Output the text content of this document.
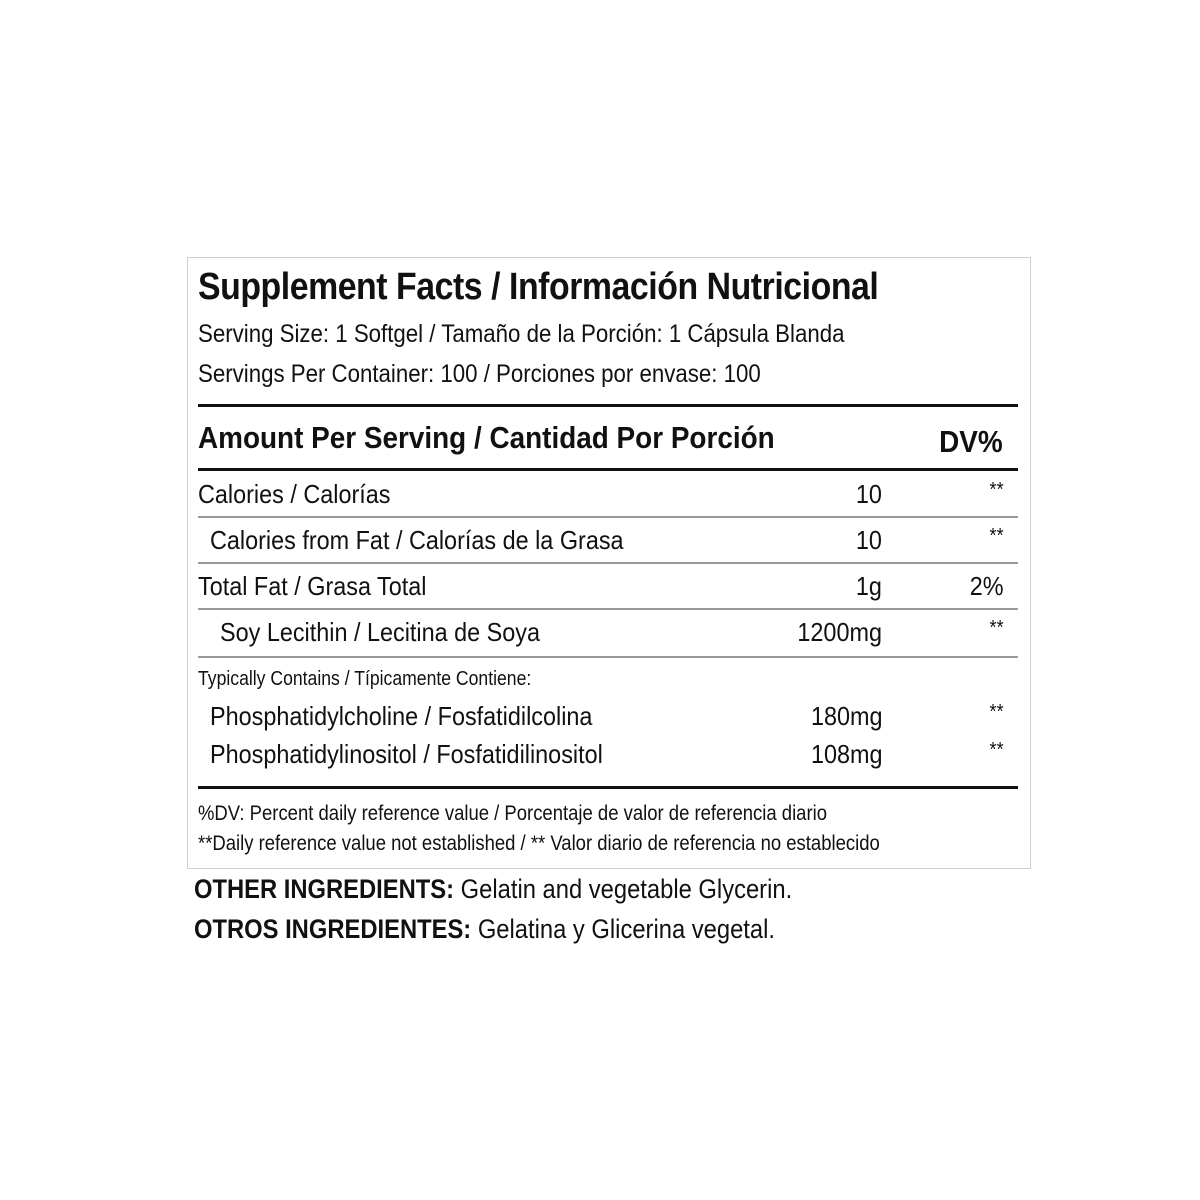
Supplement Facts / Información Nutricional
Serving Size: 1 Softgel / Tamaño de la Porción: 1 Cápsula Blanda
Servings Per Container: 100 / Porciones por envase: 100
Amount Per Serving / Cantidad Por Porción	DV%
Calories / Calorías	10	**
Calories from Fat / Calorías de la Grasa	10	**
Total Fat / Grasa Total	1g	2%
Soy Lecithin / Lecitina de Soya	1200mg	**
Typically Contains / Típicamente Contiene:
Phosphatidylcholine / Fosfatidilcolina	180mg	**
Phosphatidylinositol / Fosfatidilinositol	108mg	**
%DV: Percent daily reference value / Porcentaje de valor de referencia diario
**Daily reference value not established / ** Valor diario de referencia no establecido
OTHER INGREDIENTS: Gelatin and vegetable Glycerin.
OTROS INGREDIENTES: Gelatina y Glicerina vegetal.
